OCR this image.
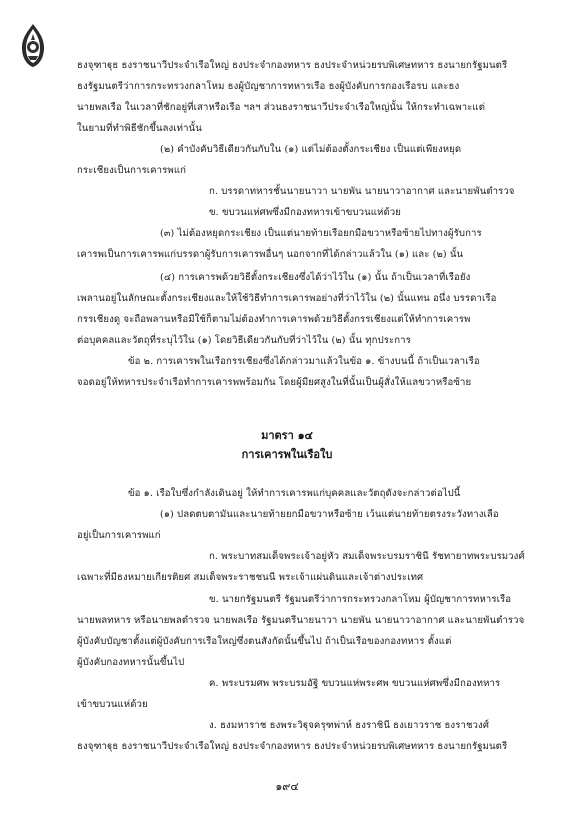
ธงจุฑาฐุธ ธงราชนาวีประจำเรือใหญ่ ธงประจำกองทหาร ธงประจำหน่วยรบพิเศษทหาร ธงนายกรัฐมนตรี
ธงรัฐมนตรีว่าการกระทรวงกลาโหม ธงผู้บัญชาการทหารเรือ ธงผู้บังคับการกองเรือรบ และธง
นายพลเรือ ในเวลาที่ชักอยู่ที่เสาหรือเรือ ฯลฯ ส่วนธงราชนาวีประจำเรือใหญ่นั้น ให้กระทำเฉพาะแต่
ในยามที่ทำพิธีชักขึ้นลงเท่านั้น
(๒) คำบังคับวิธีเดียวกันกับใน (๑) แต่ไม่ต้องตั้งกระเชียง เป็นแต่เพียงหยุด
กระเชียงเป็นการเคารพแก่
ก. บรรดาทหารชั้นนายนาวา นายพัน นายนาวาอากาศ และนายพันตำรวจ
ข. ขบวนแห่ศพซึ่งมีกองทหารเข้าขบวนแห่ด้วย
(๓) ไม่ต้องหยุดกระเชียง เป็นแต่นายท้ายเรือยกมือขวาหรือซ้ายไปทางผู้รับการ
เคารพเป็นการเคารพแก่บรรดาผู้รับการเคารพอื่นๆ นอกจากที่ได้กล่าวแล้วใน (๑) และ (๒) นั้น
(๔) การเคารพด้วยวิธีตั้งกระเชียงซึ่งได้ว่าไว้ใน (๑) นั้น ถ้าเป็นเวลาที่เรือยัง
เพลานอยู่ในลักษณะตั้งกระเชียงและให้ใช้วิธีทำการเคารพอย่างที่ว่าไว้ใน (๒) นั้นแทน อนึ่ง บรรดาเรือ
กรรเชียงดู จะถือพลานหรือมีใช้ก็ตามไม่ต้องทำการเคารพด้วยวิธีตั้งกรรเชียงแต่ให้ทำการเคารพ
ต่อบุคคลและวัตถุที่ระบุไว้ใน (๑) โดยวิธีเดียวกันกับที่ว่าไว้ใน (๒) นั้น ทุกประการ
ข้อ ๒. การเคารพในเรือกรรเชียงซึ่งได้กล่าวมาแล้วในข้อ ๑. ข้างบนนี้ ถ้าเป็นเวลาเรือ
จอดอยู่ให้ทหารประจำเรือทำการเคารพพร้อมกัน โดยผู้มียศสูงในที่นั้นเป็นผู้สั่งให้แลขวาหรือซ้าย
มาตรา ๑๔
การเคารพในเรือใบ
ข้อ ๑. เรือใบซึ่งกำลังเดินอยู่ ให้ทำการเคารพแก่บุคคลและวัตถุดังจะกล่าวต่อไปนี้
(๑) ปลดตบตามันและนายท้ายยกมือขวาหรือซ้าย เว้นแต่นายท้ายตรงระวังทางเลือ
อยู่เป็นการเคารพแก่
ก. พระบาทสมเด็จพระเจ้าอยู่หัว สมเด็จพระบรมราชินี รัชทายาทพระบรมวงศ์
เฉพาะที่มีธงหมายเกียรติยศ สมเด็จพระราชชนนี พระเจ้าแผ่นดินและเจ้าต่างประเทศ
ข. นายกรัฐมนตรี รัฐมนตรีว่าการกระทรวงกลาโหม ผู้บัญชาการทหารเรือ
นายพลทหาร หรือนายพลตำรวจ นายพลเรือ รัฐมนตรีนายนาวา นายพัน นายนาวาอากาศ และนายพันตำรวจ
ผู้บังคับบัญชาตั้งแต่ผู้บังคับการเรือใหญ่ซึ่งตนสังกัดนั้นขึ้นไป ถ้าเป็นเรือของกองทหาร ตั้งแต่
ผู้บังคับกองทหารนั้นขึ้นไป
ค. พระบรมศพ พระบรมอัฐิ ขบวนแห่พระศพ ขบวนแห่ศพซึ่งมีกองทหาร
เข้าขบวนแห่ด้วย
ง. ธงมหาราช ธงพระวิฐุจครุฑพ่าห์ ธงราชินี ธงเยาวราช ธงราชวงศ์
ธงจุฑาฐุธ ธงราชนาวีประจำเรือใหญ่ ธงประจำกองทหาร ธงประจำหน่วยรบพิเศษทหาร ธงนายกรัฐมนตรี
๑๙๔
